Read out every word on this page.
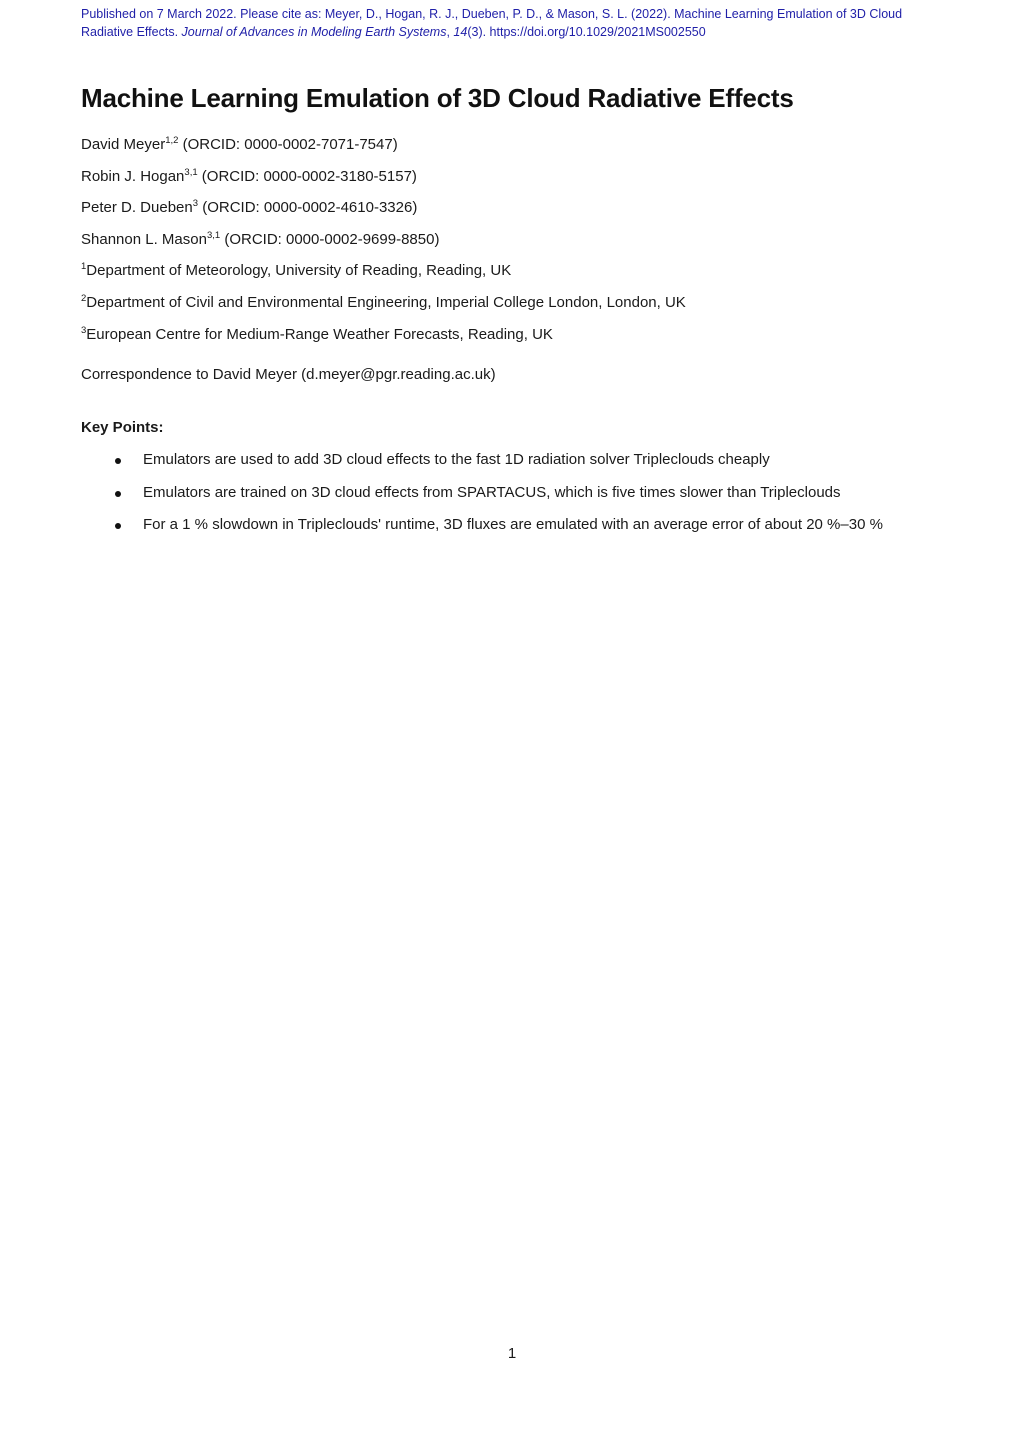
Published on 7 March 2022. Please cite as: Meyer, D., Hogan, R. J., Dueben, P. D., & Mason, S. L. (2022). Machine Learning Emulation of 3D Cloud Radiative Effects. Journal of Advances in Modeling Earth Systems, 14(3). https://doi.org/10.1029/2021MS002550
Machine Learning Emulation of 3D Cloud Radiative Effects
David Meyer$^{1,2}$ (ORCID: 0000-0002-7071-7547)
Robin J. Hogan$^{3,1}$ (ORCID: 0000-0002-3180-5157)
Peter D. Dueben$^3$ (ORCID: 0000-0002-4610-3326)
Shannon L. Mason$^{3,1}$ (ORCID: 0000-0002-9699-8850)
$^1$Department of Meteorology, University of Reading, Reading, UK
$^2$Department of Civil and Environmental Engineering, Imperial College London, London, UK
$^3$European Centre for Medium-Range Weather Forecasts, Reading, UK
Correspondence to David Meyer (d.meyer@pgr.reading.ac.uk)
Key Points:
Emulators are used to add 3D cloud effects to the fast 1D radiation solver Tripleclouds cheaply
Emulators are trained on 3D cloud effects from SPARTACUS, which is five times slower than Tripleclouds
For a 1 % slowdown in Tripleclouds' runtime, 3D fluxes are emulated with an average error of about 20 %–30 %
1
